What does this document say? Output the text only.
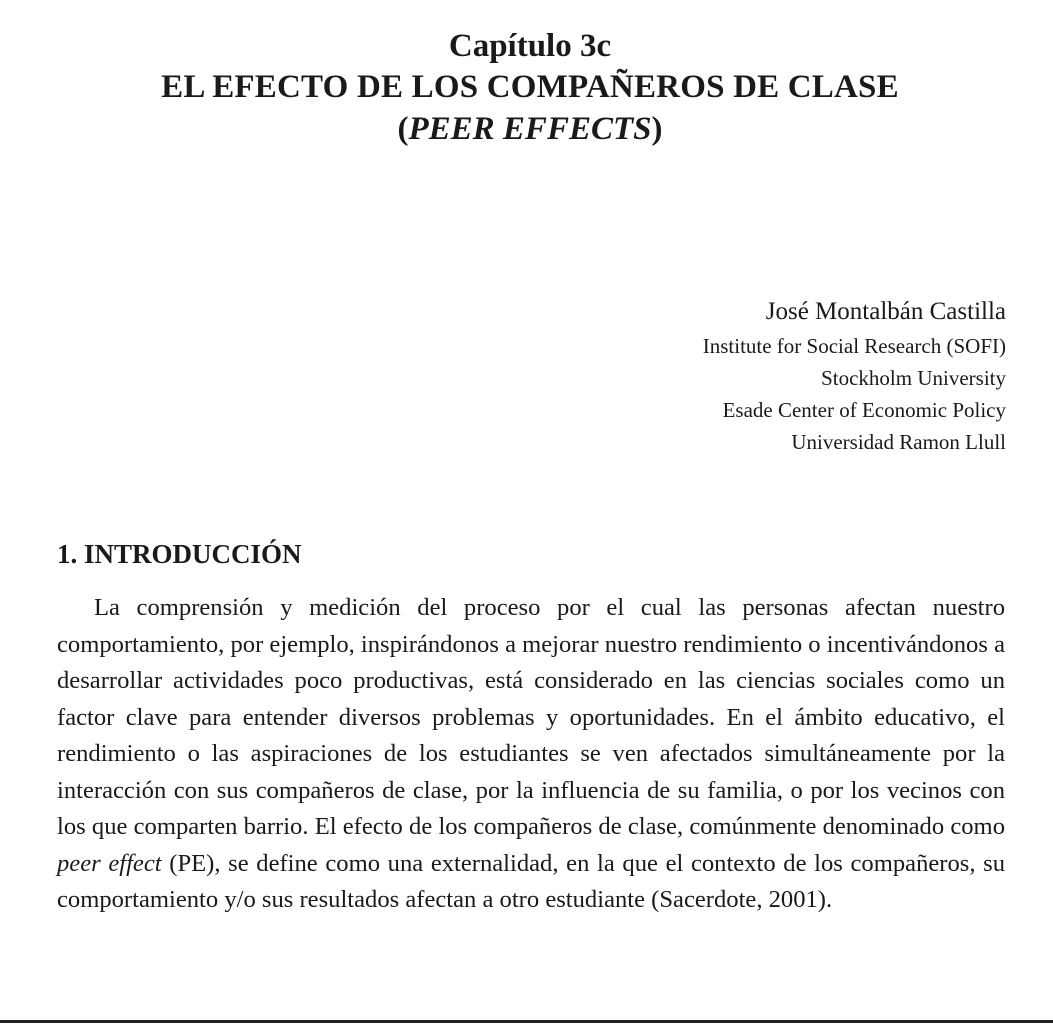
Capítulo 3c

EL EFECTO DE LOS COMPAÑEROS DE CLASE

(PEER EFFECTS)

José Montalbán Castilla

Institute for Social Research (SOFI)

Stockholm University

Esade Center of Economic Policy

Universidad Ramon Llull

1. INTRODUCCIÓN

La comprensión y medición del proceso por el cual las personas afectan nuestro comportamiento, por ejemplo, inspirándonos a mejorar nuestro rendimiento o incentivándonos a desarrollar actividades poco productivas, está considerado en las ciencias sociales como un factor clave para entender diversos problemas y oportunidades. En el ámbito educativo, el rendimiento o las aspiraciones de los estudiantes se ven afectados simultáneamente por la interacción con sus compañeros de clase, por la influencia de su familia, o por los vecinos con los que comparten barrio. El efecto de los compañeros de clase, comúnmente denominado como peer effect (PE), se define como una externalidad, en la que el contexto de los compañeros, su comportamiento y/o sus resultados afectan a otro estudiante (Sacerdote, 2001).
